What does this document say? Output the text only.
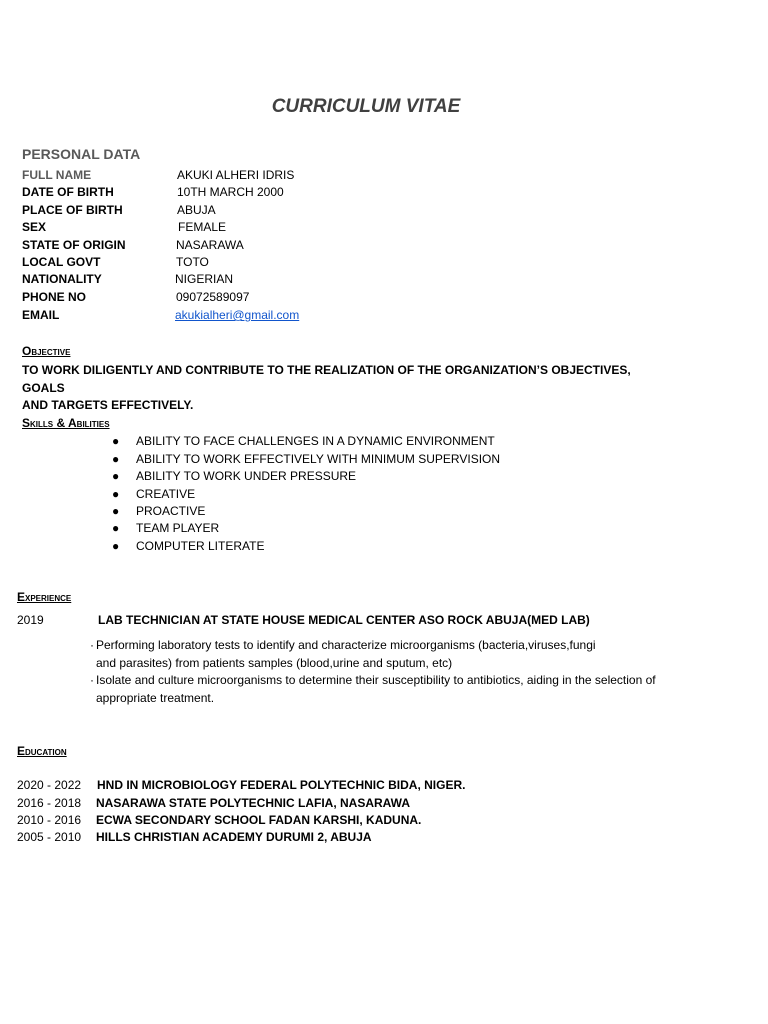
CURRICULUM VITAE
PERSONAL DATA
FULL NAME	AKUKI ALHERI IDRIS
DATE OF BIRTH	10TH MARCH 2000
PLACE OF BIRTH	ABUJA
SEX	FEMALE
STATE OF ORIGIN	NASARAWA
LOCAL GOVT	TOTO
NATIONALITY	NIGERIAN
PHONE NO	09072589097
EMAIL	akukialheri@gmail.com
Objective
TO WORK DILIGENTLY AND CONTRIBUTE TO THE REALIZATION OF THE ORGANIZATION’S OBJECTIVES, GOALS
AND TARGETS EFFECTIVELY.
Skills & Abilities
● ABILITY TO FACE CHALLENGES IN A DYNAMIC ENVIRONMENT
● ABILITY TO WORK EFFECTIVELY WITH MINIMUM SUPERVISION
● ABILITY TO WORK UNDER PRESSURE
● CREATIVE
● PROACTIVE
● TEAM PLAYER
● COMPUTER LITERATE
Experience
2019	LAB TECHNICIAN AT STATE HOUSE MEDICAL CENTER ASO ROCK ABUJA(MED LAB)
· Performing laboratory tests to identify and characterize microorganisms (bacteria,viruses,fungi
and parasites) from patients samples (blood,urine and sputum, etc)
· Isolate and culture microorganisms to determine their susceptibility to antibiotics, aiding in the selection of
appropriate treatment.
Education
2020 - 2022 HND IN MICROBIOLOGY FEDERAL POLYTECHNIC BIDA, NIGER.
2016 - 2018 NASARAWA STATE POLYTECHNIC LAFIA, NASARAWA
2010 - 2016 ECWA SECONDARY SCHOOL FADAN KARSHI, KADUNA.
2005 - 2010 HILLS CHRISTIAN ACADEMY DURUMI 2, ABUJA
